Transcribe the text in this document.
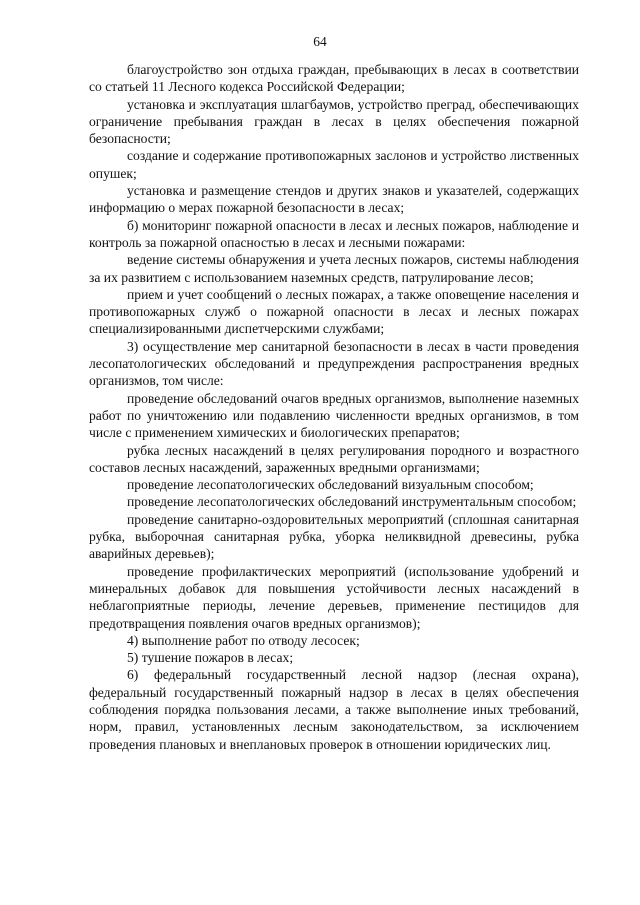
64

благоустройство зон отдыха граждан, пребывающих в лесах в соответствии со статьей 11 Лесного кодекса Российской Федерации;

установка и эксплуатация шлагбаумов, устройство преград, обеспечивающих ограничение пребывания граждан в лесах в целях обеспечения пожарной безопасности;

создание и содержание противопожарных заслонов и устройство лиственных опушек;

установка и размещение стендов и других знаков и указателей, содержащих информацию о мерах пожарной безопасности в лесах;

б) мониторинг пожарной опасности в лесах и лесных пожаров, наблюдение и контроль за пожарной опасностью в лесах и лесными пожарами:

ведение системы обнаружения и учета лесных пожаров, системы наблюдения за их развитием с использованием наземных средств, патрулирование лесов;

прием и учет сообщений о лесных пожарах, а также оповещение населения и противопожарных служб о пожарной опасности в лесах и лесных пожарах специализированными диспетчерскими службами;

3) осуществление мер санитарной безопасности в лесах в части проведения лесопатологических обследований и предупреждения распространения вредных организмов, том числе:

проведение обследований очагов вредных организмов, выполнение наземных работ по уничтожению или подавлению численности вредных организмов, в том числе с применением химических и биологических препаратов;

рубка лесных насаждений в целях регулирования породного и возрастного составов лесных насаждений, зараженных вредными организмами;

проведение лесопатологических обследований визуальным способом;

проведение лесопатологических обследований инструментальным способом;

проведение санитарно-оздоровительных мероприятий (сплошная санитарная рубка, выборочная санитарная рубка, уборка неликвидной древесины, рубка аварийных деревьев);

проведение профилактических мероприятий (использование удобрений и минеральных добавок для повышения устойчивости лесных насаждений в неблагоприятные периоды, лечение деревьев, применение пестицидов для предотвращения появления очагов вредных организмов);

4) выполнение работ по отводу лесосек;

5) тушение пожаров в лесах;

6) федеральный государственный лесной надзор (лесная охрана), федеральный государственный пожарный надзор в лесах в целях обеспечения соблюдения порядка пользования лесами, а также выполнение иных требований, норм, правил, установленных лесным законодательством, за исключением проведения плановых и внеплановых проверок в отношении юридических лиц.
